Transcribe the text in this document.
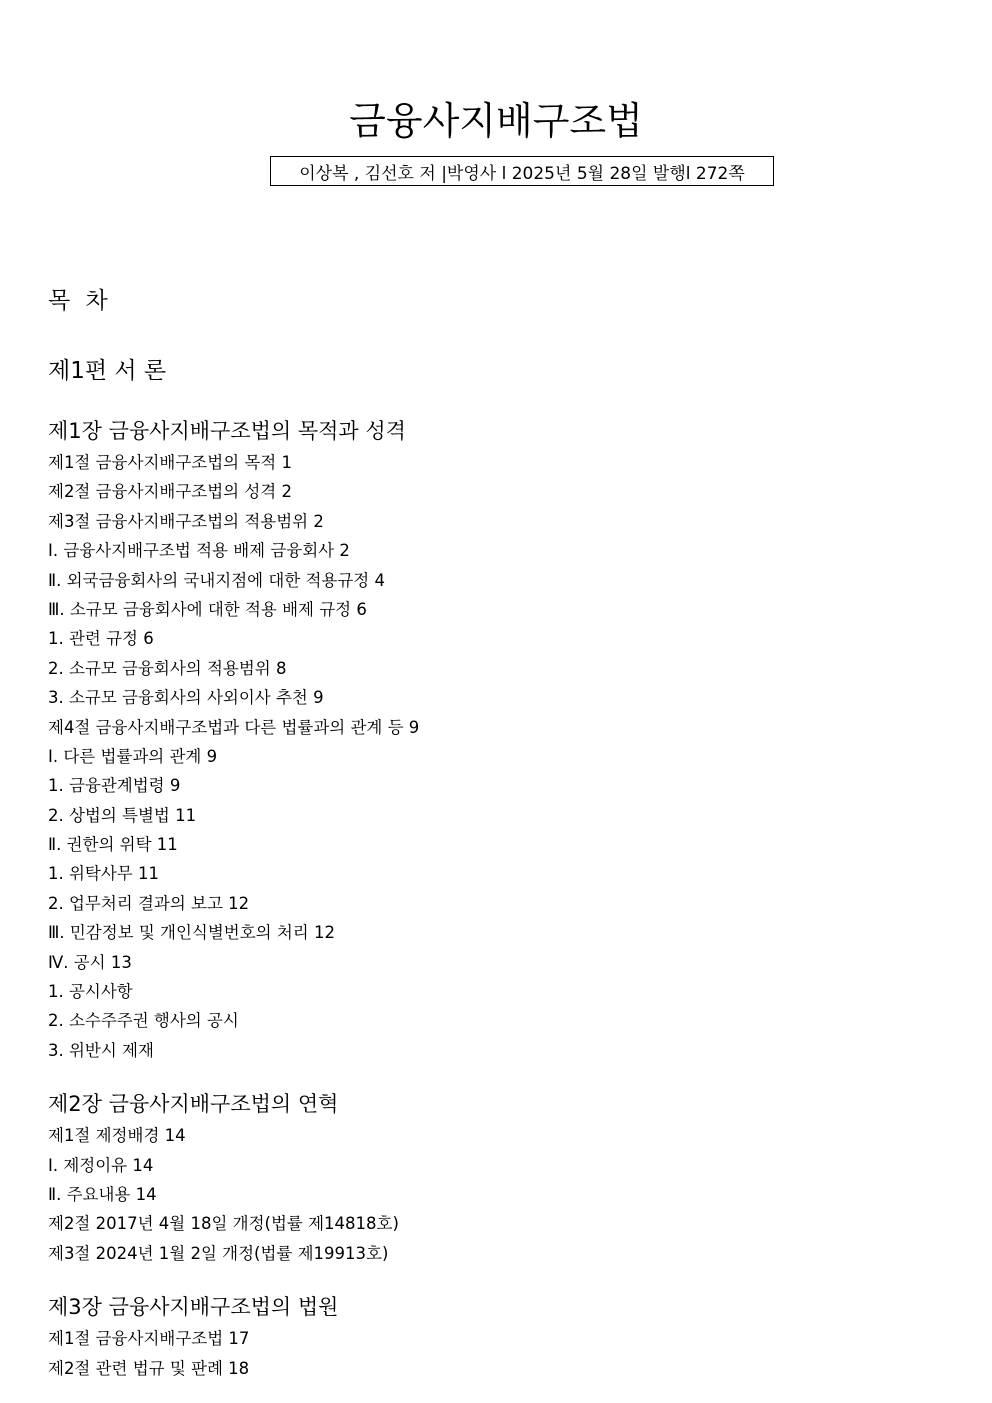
금융사지배구조법
이상복 , 김선호 저 |박영사 l 2025년 5월 28일 발행l 272쪽
목 차
제1편 서 론
제1장 금융사지배구조법의 목적과 성격
제1절 금융사지배구조법의 목적 1
제2절 금융사지배구조법의 성격 2
제3절 금융사지배구조법의 적용범위 2
Ⅰ. 금융사지배구조법 적용 배제 금융회사 2
Ⅱ. 외국금융회사의 국내지점에 대한 적용규정 4
Ⅲ. 소규모 금융회사에 대한 적용 배제 규정 6
1. 관련 규정 6
2. 소규모 금융회사의 적용범위 8
3. 소규모 금융회사의 사외이사 추천 9
제4절 금융사지배구조법과 다른 법률과의 관계 등 9
Ⅰ. 다른 법률과의 관계 9
1. 금융관계법령 9
2. 상법의 특별법 11
Ⅱ. 권한의 위탁 11
1. 위탁사무 11
2. 업무처리 결과의 보고 12
Ⅲ. 민감정보 및 개인식별번호의 처리 12
Ⅳ. 공시 13
1. 공시사항
2. 소수주주권 행사의 공시
3. 위반시 제재
제2장 금융사지배구조법의 연혁
제1절 제정배경 14
Ⅰ. 제정이유 14
Ⅱ. 주요내용 14
제2절 2017년 4월 18일 개정(법률 제14818호)
제3절 2024년 1월 2일 개정(법률 제19913호)
제3장 금융사지배구조법의 법원
제1절 금융사지배구조법 17
제2절 관련 법규 및 판례 18
